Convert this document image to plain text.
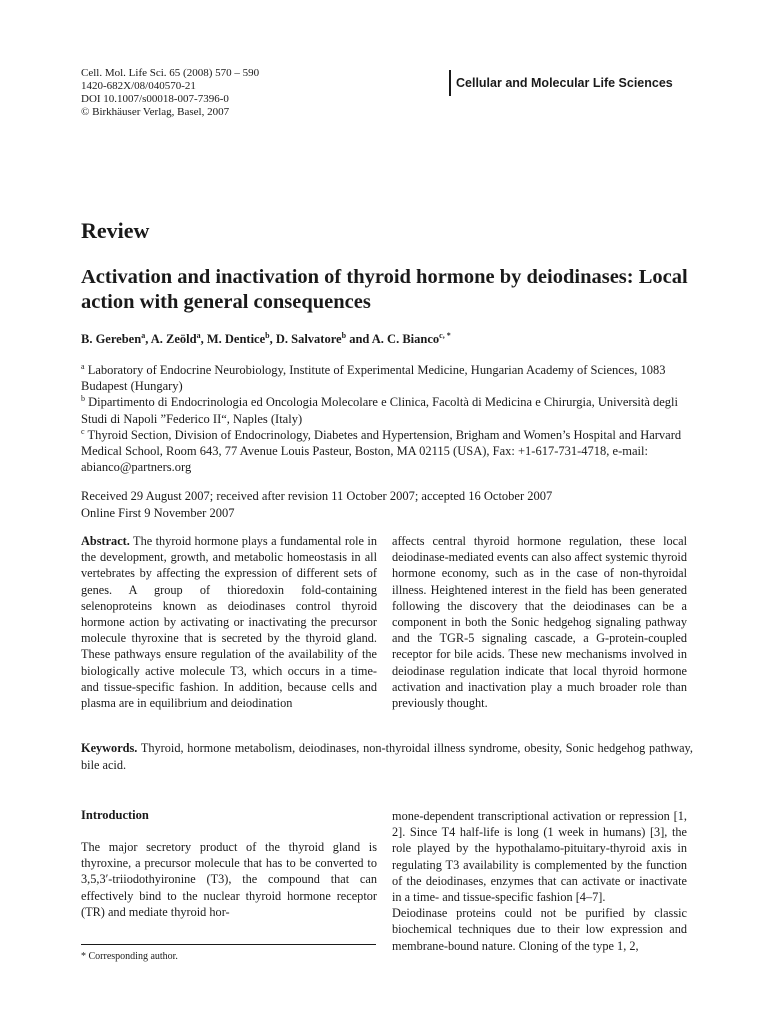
Cell. Mol. Life Sci. 65 (2008) 570 – 590
1420-682X/08/040570-21
DOI 10.1007/s00018-007-7396-0
© Birkhäuser Verlag, Basel, 2007
Cellular and Molecular Life Sciences
Review
Activation and inactivation of thyroid hormone by deiodinases: Local action with general consequences
B. Gereben$^a$, A. Zeöld$^a$, M. Dentice$^b$, D. Salvatore$^b$ and A. C. Bianco$^{c, *}$
$^a$ Laboratory of Endocrine Neurobiology, Institute of Experimental Medicine, Hungarian Academy of Sciences, 1083 Budapest (Hungary)
$^b$ Dipartimento di Endocrinologia ed Oncologia Molecolare e Clinica, Facoltà di Medicina e Chirurgia, Università degli Studi di Napoli ”Federico II“, Naples (Italy)
$^c$ Thyroid Section, Division of Endocrinology, Diabetes and Hypertension, Brigham and Women’s Hospital and Harvard Medical School, Room 643, 77 Avenue Louis Pasteur, Boston, MA 02115 (USA), Fax: +1-617-731-4718, e-mail: abianco@partners.org
Received 29 August 2007; received after revision 11 October 2007; accepted 16 October 2007
Online First 9 November 2007
Abstract. The thyroid hormone plays a fundamental role in the development, growth, and metabolic homeostasis in all vertebrates by affecting the expression of different sets of genes. A group of thioredoxin fold-containing selenoproteins known as deiodinases control thyroid hormone action by activating or inactivating the precursor molecule thyroxine that is secreted by the thyroid gland. These pathways ensure regulation of the availability of the biologically active molecule T3, which occurs in a time- and tissue-specific fashion. In addition, because cells and plasma are in equilibrium and deiodination
affects central thyroid hormone regulation, these local deiodinase-mediated events can also affect systemic thyroid hormone economy, such as in the case of non-thyroidal illness. Heightened interest in the field has been generated following the discovery that the deiodinases can be a component in both the Sonic hedgehog signaling pathway and the TGR-5 signaling cascade, a G-protein-coupled receptor for bile acids. These new mechanisms involved in deiodinase regulation indicate that local thyroid hormone activation and inactivation play a much broader role than previously thought.
Keywords. Thyroid, hormone metabolism, deiodinases, non-thyroidal illness syndrome, obesity, Sonic hedgehog pathway, bile acid.
Introduction
The major secretory product of the thyroid gland is thyroxine, a precursor molecule that has to be converted to 3,5,3′-triiodothyironine (T3), the compound that can effectively bind to the nuclear thyroid hormone receptor (TR) and mediate thyroid hor-
mone-dependent transcriptional activation or repression [1, 2]. Since T4 half-life is long (1 week in humans) [3], the role played by the hypothalamo-pituitary-thyroid axis in regulating T3 availability is complemented by the function of the deiodinases, enzymes that can activate or inactivate in a time- and tissue-specific fashion [4–7].
Deiodinase proteins could not be purified by classic biochemical techniques due to their low expression and membrane-bound nature. Cloning of the type 1, 2,
* Corresponding author.
